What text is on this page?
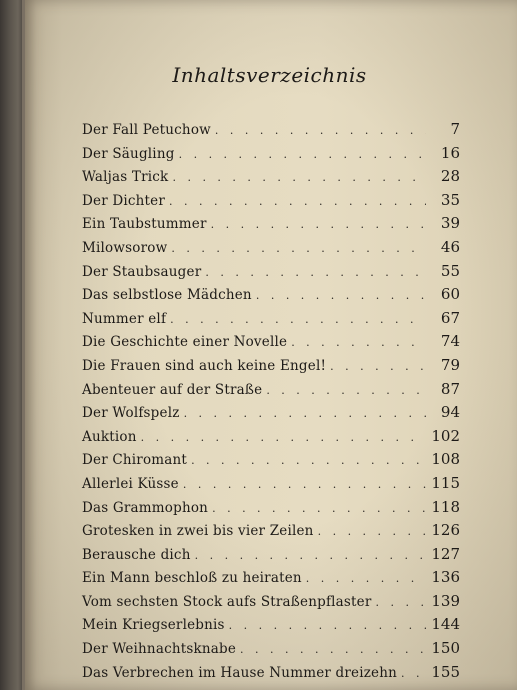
Inhaltsverzeichnis
Der Fall Petuchow . . .	7
Der Säugling . . .	16
Waljas Trick . . .	28
Der Dichter . . .	35
Ein Taubstummer . . .	39
Milowsorow . . .	46
Der Staubsauger . . .	55
Das selbstlose Mädchen . . .	60
Nummer elf . . .	67
Die Geschichte einer Novelle . . .	74
Die Frauen sind auch keine Engel! . . .	79
Abenteuer auf der Straße . . .	87
Der Wolfspelz . . .	94
Auktion . . .	102
Der Chiromant . . .	108
Allerlei Küsse . . .	115
Das Grammophon . . .	118
Grotesken in zwei bis vier Zeilen . . .	126
Berausche dich . . .	127
Ein Mann beschloß zu heiraten . . .	136
Vom sechsten Stock aufs Straßenpflaster . . .	139
Mein Kriegserlebnis . . .	144
Der Weihnachtsknabe . . .	150
Das Verbrechen im Hause Nummer dreizehn . . . 155
